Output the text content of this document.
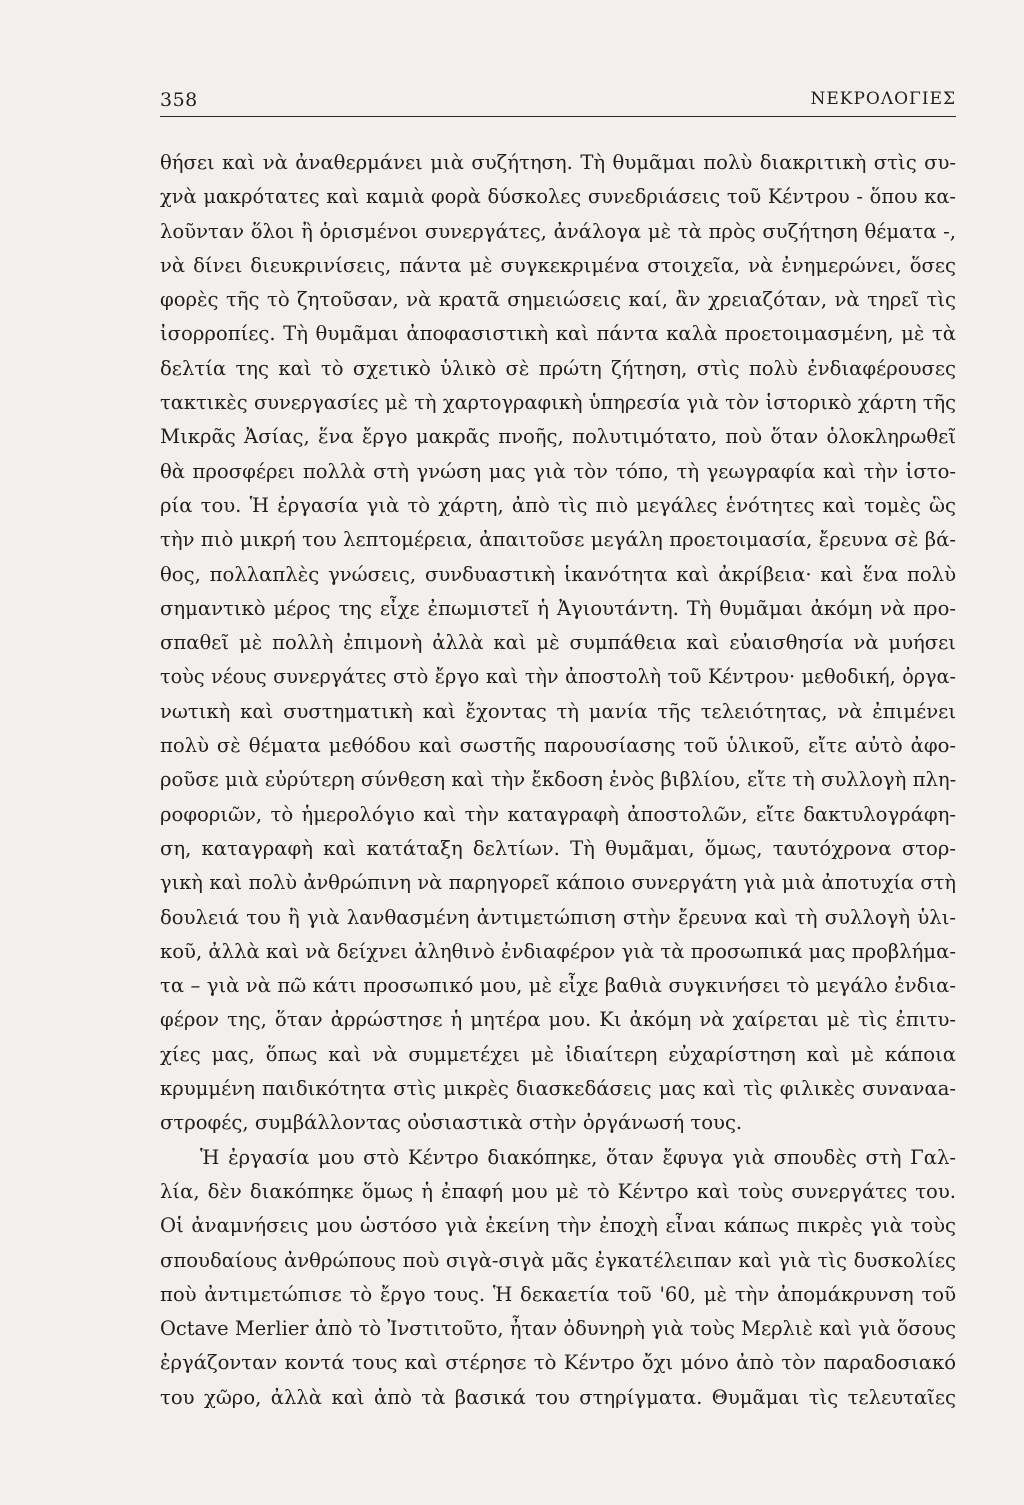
358	ΝΕΚΡΟΛΟΓΙΕΣ
θήσει καὶ νὰ ἀναθερμάνει μιὰ συζήτηση. Τὴ θυμᾶμαι πολὺ διακριτικὴ στὶς συ-
χνὰ μακρότατες καὶ καμιὰ φορὰ δύσκολες συνεδριάσεις τοῦ Κέντρου - ὅπου κα-
λοῦνταν ὅλοι ἢ ὁρισμένοι συνεργάτες, ἀνάλογα μὲ τὰ πρὸς συζήτηση θέματα -,
νὰ δίνει διευκρινίσεις, πάντα μὲ συγκεκριμένα στοιχεῖα, νὰ ἐνημερώνει, ὅσες
φορὲς τῆς τὸ ζητοῦσαν, νὰ κρατᾶ σημειώσεις καί, ἂν χρειαζόταν, νὰ τηρεῖ τὶς
ἰσορροπίες. Τὴ θυμᾶμαι ἀποφασιστικὴ καὶ πάντα καλὰ προετοιμασμένη, μὲ τὰ
δελτία της καὶ τὸ σχετικὸ ὑλικὸ σὲ πρώτη ζήτηση, στὶς πολὺ ἐνδιαφέρουσες
τακτικὲς συνεργασίες μὲ τὴ χαρτογραφικὴ ὑπηρεσία γιὰ τὸν ἱστορικὸ χάρτη τῆς
Μικρᾶς Ἀσίας, ἕνα ἔργο μακρᾶς πνοῆς, πολυτιμότατο, ποὺ ὅταν ὁλοκληρωθεῖ
θὰ προσφέρει πολλὰ στὴ γνώση μας γιὰ τὸν τόπο, τὴ γεωγραφία καὶ τὴν ἱστο-
ρία του. Ἡ ἐργασία γιὰ τὸ χάρτη, ἀπὸ τὶς πιὸ μεγάλες ἑνότητες καὶ τομὲς ὣς
τὴν πιὸ μικρή του λεπτομέρεια, ἀπαιτοῦσε μεγάλη προετοιμασία, ἔρευνα σὲ βά-
θος, πολλαπλὲς γνώσεις, συνδυαστικὴ ἱκανότητα καὶ ἀκρίβεια· καὶ ἕνα πολὺ
σημαντικὸ μέρος της εἶχε ἐπωμιστεῖ ἡ Ἀγιουτάντη. Τὴ θυμᾶμαι ἀκόμη νὰ προ-
σπαθεῖ μὲ πολλὴ ἐπιμονὴ ἀλλὰ καὶ μὲ συμπάθεια καὶ εὐαισθησία νὰ μυήσει
τοὺς νέους συνεργάτες στὸ ἔργο καὶ τὴν ἀποστολὴ τοῦ Κέντρου· μεθοδική, ὀργα-
νωτικὴ καὶ συστηματικὴ καὶ ἔχοντας τὴ μανία τῆς τελειότητας, νὰ ἐπιμένει
πολὺ σὲ θέματα μεθόδου καὶ σωστῆς παρουσίασης τοῦ ὑλικοῦ, εἴτε αὐτὸ ἀφο-
ροῦσε μιὰ εὐρύτερη σύνθεση καὶ τὴν ἔκδοση ἑνὸς βιβλίου, εἴτε τὴ συλλογὴ πλη-
ροφοριῶν, τὸ ἡμερολόγιο καὶ τὴν καταγραφὴ ἀποστολῶν, εἴτε δακτυλογράφη-
ση, καταγραφὴ καὶ κατάταξη δελτίων. Τὴ θυμᾶμαι, ὅμως, ταυτόχρονα στορ-
γικὴ καὶ πολὺ ἀνθρώπινη νὰ παρηγορεῖ κάποιο συνεργάτη γιὰ μιὰ ἀποτυχία στὴ
δουλειά του ἢ γιὰ λανθασμένη ἀντιμετώπιση στὴν ἔρευνα καὶ τὴ συλλογὴ ὑλι-
κοῦ, ἀλλὰ καὶ νὰ δείχνει ἀληθινὸ ἐνδιαφέρον γιὰ τὰ προσωπικά μας προβλήμα-
τα – γιὰ νὰ πῶ κάτι προσωπικό μου, μὲ εἶχε βαθιὰ συγκινήσει τὸ μεγάλο ἐνδια-
φέρον της, ὅταν ἀρρώστησε ἡ μητέρα μου. Κι ἀκόμη νὰ χαίρεται μὲ τὶς ἐπιτυ-
χίες μας, ὅπως καὶ νὰ συμμετέχει μὲ ἰδιαίτερη εὐχαρίστηση καὶ μὲ κάποια
κρυμμένη παιδικότητα στὶς μικρὲς διασκεδάσεις μας καὶ τὶς φιλικὲς συναναa-
στροφές, συμβάλλοντας οὐσιαστικὰ στὴν ὀργάνωσή τους.
Ἡ ἐργασία μου στὸ Κέντρο διακόπηκε, ὅταν ἔφυγα γιὰ σπουδὲς στὴ Γαλ-
λία, δὲν διακόπηκε ὅμως ἡ ἐπαφή μου μὲ τὸ Κέντρο καὶ τοὺς συνεργάτες του.
Οἱ ἀναμνήσεις μου ὡστόσο γιὰ ἐκείνη τὴν ἐποχὴ εἶναι κάπως πικρὲς γιὰ τοὺς
σπουδαίους ἀνθρώπους ποὺ σιγὰ-σιγὰ μᾶς ἐγκατέλειπαν καὶ γιὰ τὶς δυσκολίες
ποὺ ἀντιμετώπισε τὸ ἔργο τους. Ἡ δεκαετία τοῦ '60, μὲ τὴν ἀπομάκρυνση τοῦ
Octave Merlier ἀπὸ τὸ Ἰνστιτοῦτο, ἦταν ὀδυνηρὴ γιὰ τοὺς Μερλιὲ καὶ γιὰ ὅσους
ἐργάζονταν κοντά τους καὶ στέρησε τὸ Κέντρο ὄχι μόνο ἀπὸ τὸν παραδοσιακό
του χῶρο, ἀλλὰ καὶ ἀπὸ τὰ βασικά του στηρίγματα. Θυμᾶμαι τὶς τελευταῖες
